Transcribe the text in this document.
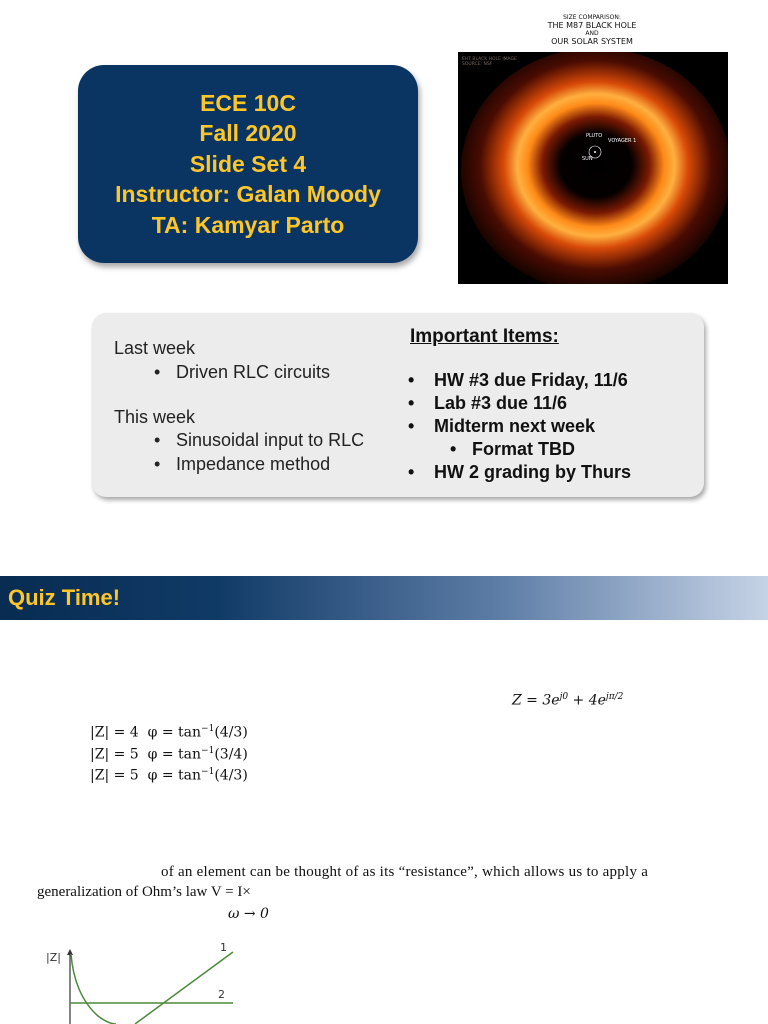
ECE 10C
Fall 2020
Slide Set 4
Instructor: Galan Moody
TA: Kamyar Parto
SIZE COMPARISON:
THE M87 BLACK HOLE
AND
OUR SOLAR SYSTEM
EHT BLACK HOLE IMAGE
SOURCE: NSF
PLUTO
VOYAGER 1
SUN
Last week
• Driven RLC circuits
This week
• Sinusoidal input to RLC
• Impedance method
Important Items:
• HW #3 due Friday, 11/6
• Lab #3 due 11/6
• Midterm next week
• Format TBD
• HW 2 grading by Thurs
Quiz Time!
$Z = 3e^{j0} + 4e^{j\pi/2}$
|Z| = 4 $\varphi = \tan^{-1}(4/3)$
|Z| = 5 $\varphi = \tan^{-1}(3/4)$
|Z| = 5 $\varphi = \tan^{-1}(4/3)$
of an element can be thought of as its “resistance”, which allows us to apply a
generalization of Ohm’s law V = I×
ω → 0
|Z|
1
2
